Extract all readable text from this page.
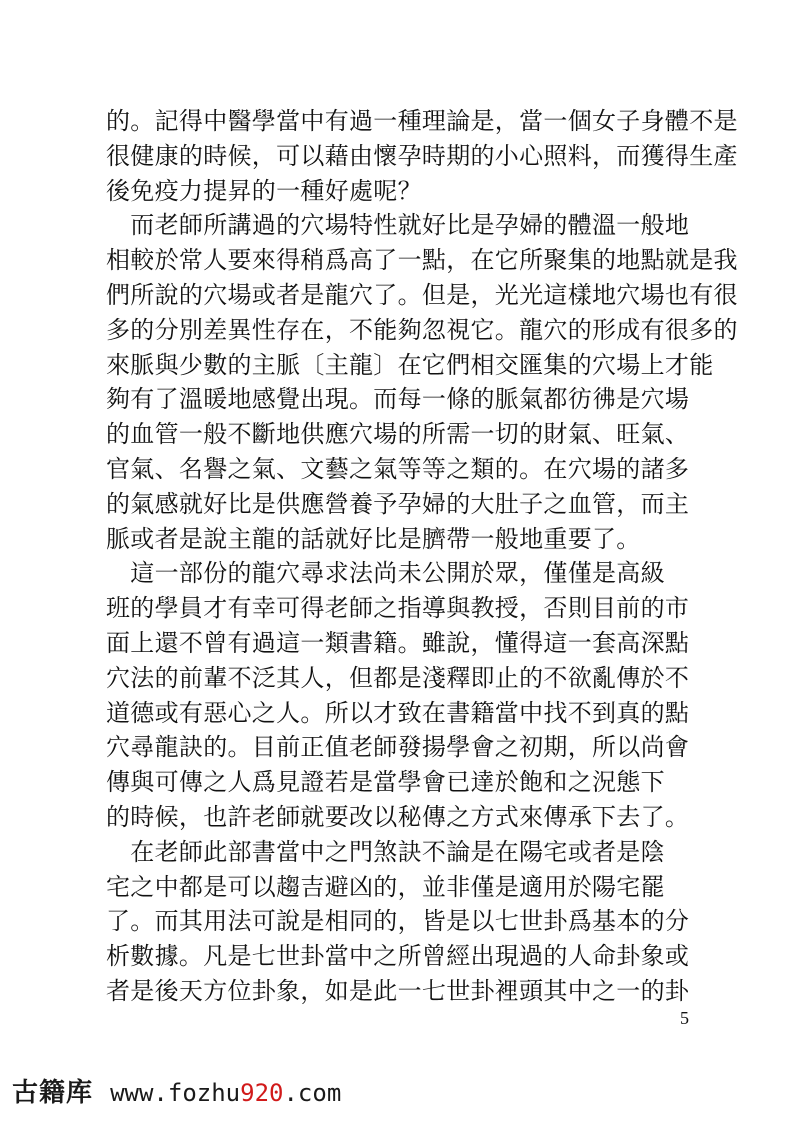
的。記得中醫學當中有過一種理論是，當一個女子身體不是
很健康的時候，可以藉由懷孕時期的小心照料，而獲得生產
後免疫力提昇的一種好處呢？
　而老師所講過的穴場特性就好比是孕婦的體溫一般地
相較於常人要來得稍爲高了一點，在它所聚集的地點就是我
們所說的穴場或者是龍穴了。但是，光光這樣地穴場也有很
多的分別差異性存在，不能夠忽視它。龍穴的形成有很多的
來脈與少數的主脈〔主龍〕在它們相交匯集的穴場上才能
夠有了溫暖地感覺出現。而每一條的脈氣都彷彿是穴場
的血管一般不斷地供應穴場的所需一切的財氣、旺氣、
官氣、名譽之氣、文藝之氣等等之類的。在穴場的諸多
的氣感就好比是供應營養予孕婦的大肚子之血管，而主
脈或者是說主龍的話就好比是臍帶一般地重要了。
　這一部份的龍穴尋求法尚未公開於眾，僅僅是高級
班的學員才有幸可得老師之指導與教授，否則目前的市
面上還不曾有過這一類書籍。雖說，懂得這一套高深點
穴法的前輩不泛其人，但都是淺釋即止的不欲亂傳於不
道德或有惡心之人。所以才致在書籍當中找不到真的點
穴尋龍訣的。目前正值老師發揚學會之初期，所以尚會
傳與可傳之人爲見證若是當學會已達於飽和之況態下
的時候，也許老師就要改以秘傳之方式來傳承下去了。
　在老師此部書當中之門煞訣不論是在陽宅或者是陰
宅之中都是可以趨吉避凶的，並非僅是適用於陽宅罷
了。而其用法可說是相同的，皆是以七世卦爲基本的分
析數據。凡是七世卦當中之所曾經出現過的人命卦象或
者是後天方位卦象，如是此一七世卦裡頭其中之一的卦
5
古籍库 www.fozhu920.com
